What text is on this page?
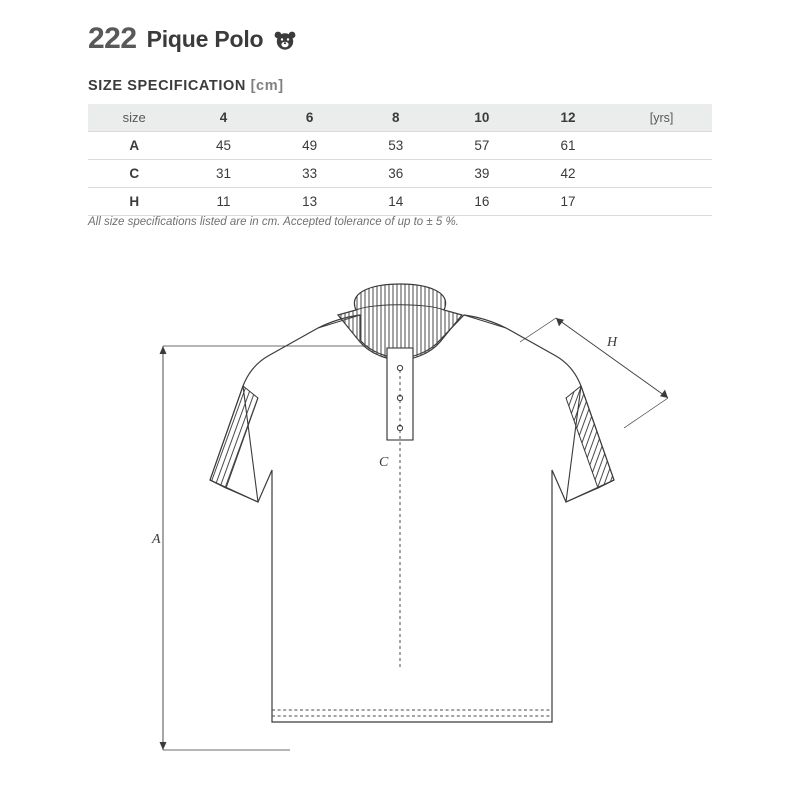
222 Pique Polo
SIZE SPECIFICATION [cm]
size	4	6	8	10	12	[yrs]
A	45	49	53	57	61	
C	31	33	36	39	42	
H	11	13	14	16	17	
All size specifications listed are in cm. Accepted tolerance of up to ± 5 %.
A
C
H
